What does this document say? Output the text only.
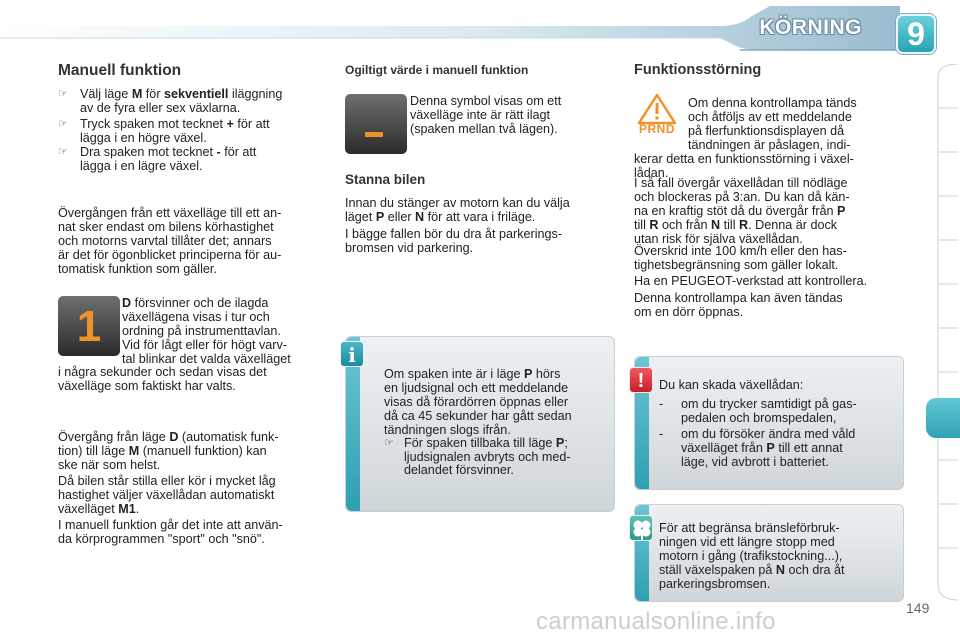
KÖRNING	9
Manuell funktion
☞ Välj läge M för sekventiell iläggning
av de fyra eller sex växlarna.
☞ Tryck spaken mot tecknet + för att
lägga i en högre växel.
☞ Dra spaken mot tecknet - för att
lägga i en lägre växel.
Övergången från ett växelläge till ett an-
nat sker endast om bilens körhastighet
och motorns varvtal tillåter det; annars
är det för ögonblicket principerna för au-
tomatisk funktion som gäller.
1	D försvinner och de ilagda
växellägena visas i tur och
ordning på instrumenttavlan.
Vid för lågt eller för högt varv-
tal blinkar det valda växelläget
i några sekunder och sedan visas det
växelläge som faktiskt har valts.
Övergång från läge D (automatisk funk-
tion) till läge M (manuell funktion) kan
ske när som helst.
Då bilen står stilla eller kör i mycket låg
hastighet väljer växellådan automatiskt
växelläget M1.
I manuell funktion går det inte att använ-
da körprogrammen "sport" och "snö".
Ogiltigt värde i manuell funktion
Denna symbol visas om ett
växelläge inte är rätt ilagt
(spaken mellan två lägen).
Stanna bilen
Innan du stänger av motorn kan du välja
läget P eller N för att vara i friläge.
I bägge fallen bör du dra åt parkerings-
bromsen vid parkering.
i
Om spaken inte är i läge P hörs
en ljudsignal och ett meddelande
visas då förardörren öppnas eller
då ca 45 sekunder har gått sedan
tändningen slogs ifrån.
☞ För spaken tillbaka till läge P;
ljudsignalen avbryts och med-
delandet försvinner.
Funktionsstörning
PRND
Om denna kontrollampa tänds
och åtföljs av ett meddelande
på flerfunktionsdisplayen då
tändningen är påslagen, indi-
kerar detta en funktionsstörning i växel-
lådan.
I så fall övergår växellådan till nödläge
och blockeras på 3:an. Du kan då kän-
na en kraftig stöt då du övergår från P
till R och från N till R. Denna är dock
utan risk för själva växellådan.
Överskrid inte 100 km/h eller den has-
tighetsbegränsning som gäller lokalt.
Ha en PEUGEOT-verkstad att kontrollera.
Denna kontrollampa kan även tändas
om en dörr öppnas.
!	Du kan skada växellådan:
- om du trycker samtidigt på gas-
pedalen och bromspedalen,
- om du försöker ändra med våld
växelläget från P till ett annat
läge, vid avbrott i batteriet.
För att begränsa bränsleförbruk-
ningen vid ett längre stopp med
motorn i gång (trafikstockning...),
ställ växelspaken på N och dra åt
parkeringsbromsen.
carmanualsonline.info	149
